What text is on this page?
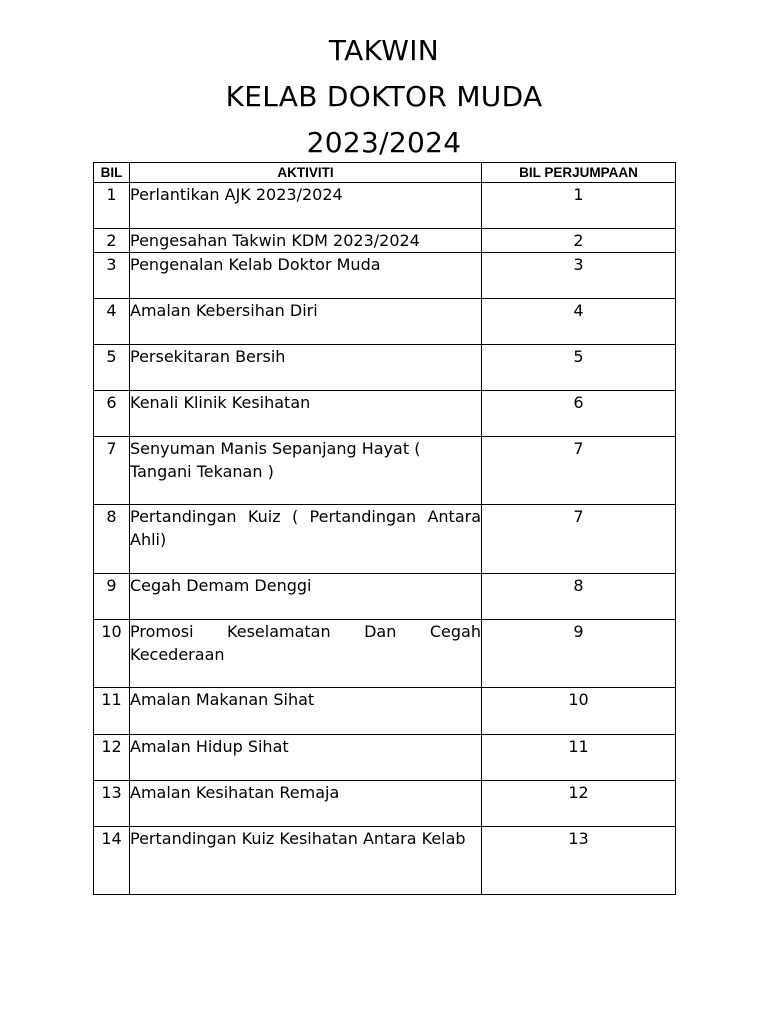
TAKWIN

KELAB DOKTOR MUDA

2023/2024

BIL	AKTIVITI	BIL PERJUMPAAN
1	Perlantikan AJK 2023/2024	1
2	Pengesahan Takwin KDM 2023/2024	2
3	Pengenalan Kelab Doktor Muda	3
4	Amalan Kebersihan Diri	4
5	Persekitaran Bersih	5
6	Kenali Klinik Kesihatan	6
7	Senyuman Manis Sepanjang Hayat ( Tangani Tekanan )	7
8	Pertandingan Kuiz ( Pertandingan Antara Ahli)	7
9	Cegah Demam Denggi	8
10	Promosi Keselamatan Dan Cegah Kecederaan	9
11	Amalan Makanan Sihat	10
12	Amalan Hidup Sihat	11
13	Amalan Kesihatan Remaja	12
14	Pertandingan Kuiz Kesihatan Antara Kelab	13
